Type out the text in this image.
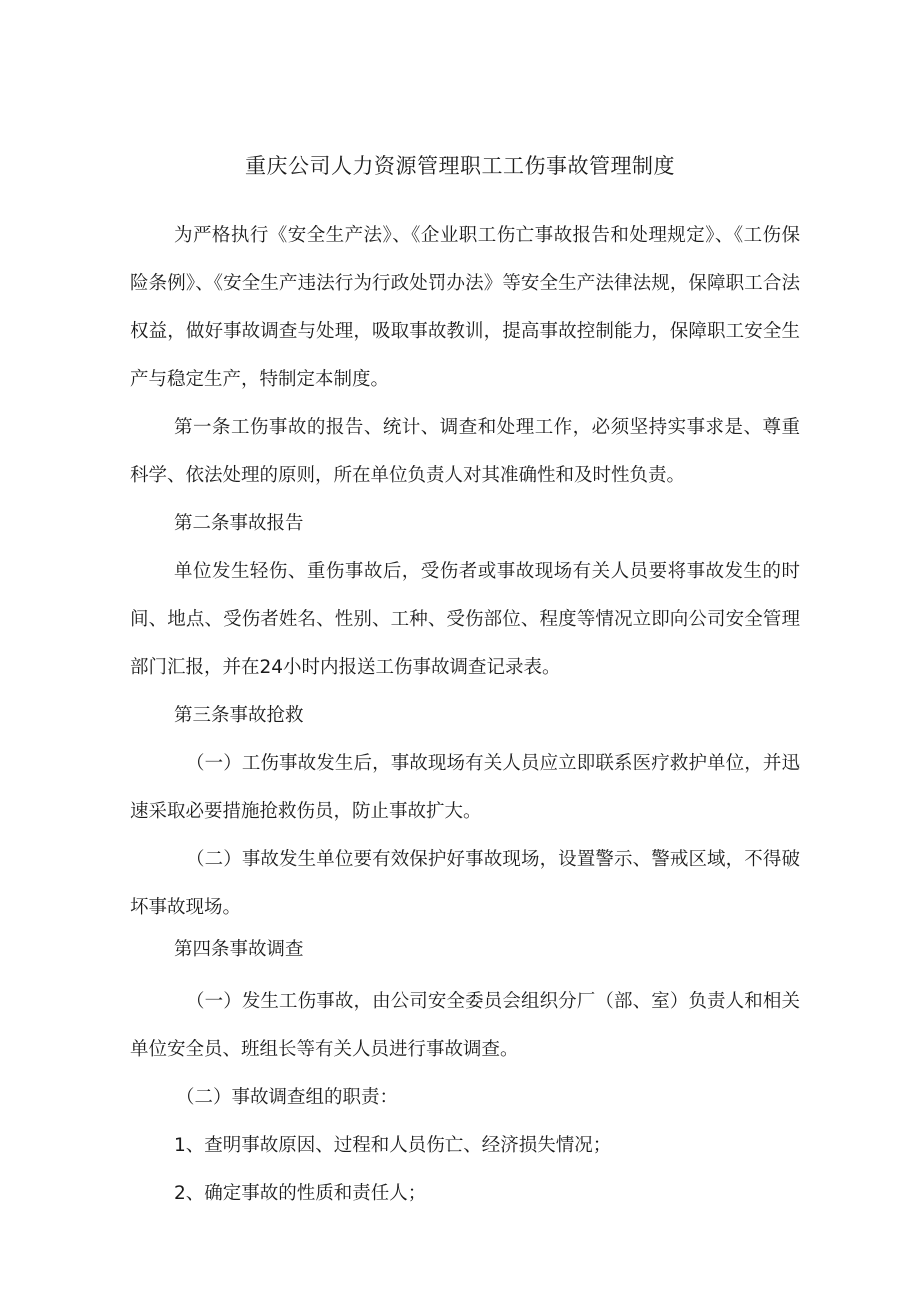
重庆公司人力资源管理职工工伤事故管理制度

为严格执行《安全生产法》、《企业职工伤亡事故报告和处理规定》、《工伤保险条例》、《安全生产违法行为行政处罚办法》等安全生产法律法规，保障职工合法权益，做好事故调查与处理，吸取事故教训，提高事故控制能力，保障职工安全生产与稳定生产，特制定本制度。

第一条工伤事故的报告、统计、调查和处理工作，必须坚持实事求是、尊重科学、依法处理的原则，所在单位负责人对其准确性和及时性负责。

第二条事故报告

单位发生轻伤、重伤事故后，受伤者或事故现场有关人员要将事故发生的时间、地点、受伤者姓名、性别、工种、受伤部位、程度等情况立即向公司安全管理部门汇报，并在24小时内报送工伤事故调查记录表。

第三条事故抢救

（一）工伤事故发生后，事故现场有关人员应立即联系医疗救护单位，并迅速采取必要措施抢救伤员，防止事故扩大。

（二）事故发生单位要有效保护好事故现场，设置警示、警戒区域，不得破坏事故现场。

第四条事故调查

（一）发生工伤事故，由公司安全委员会组织分厂（部、室）负责人和相关单位安全员、班组长等有关人员进行事故调查。

（二）事故调查组的职责：
1、查明事故原因、过程和人员伤亡、经济损失情况；
2、确定事故的性质和责任人；
